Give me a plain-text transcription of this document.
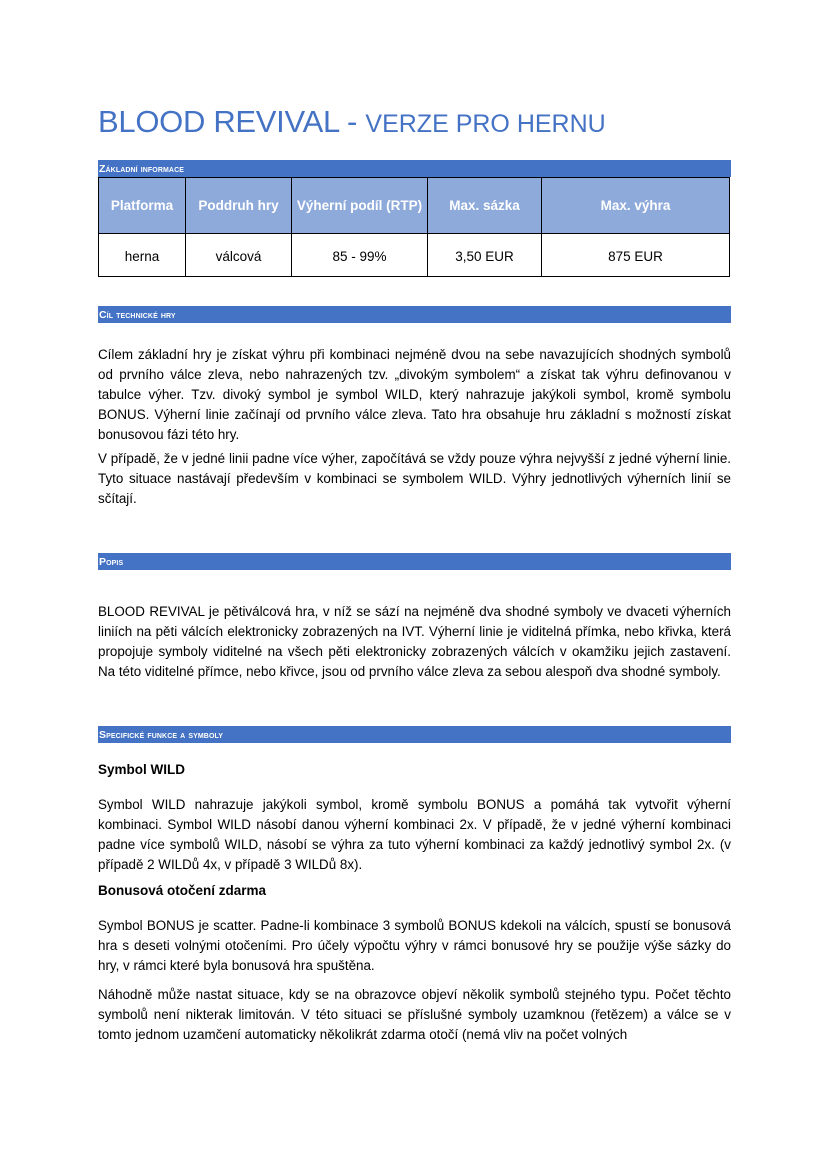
BLOOD REVIVAL - VERZE PRO HERNU
Základní informace
Platforma	Poddruh hry	Výherní podíl (RTP)	Max. sázka	Max. výhra
herna	válcová	85 - 99%	3,50 EUR	875 EUR
Cíl technické hry

Cílem základní hry je získat výhru při kombinaci nejméně dvou na sebe navazujících shodných symbolů od prvního válce zleva, nebo nahrazených tzv. „divokým symbolem“ a získat tak výhru definovanou v tabulce výher. Tzv. divoký symbol je symbol WILD, který nahrazuje jakýkoli symbol, kromě symbolu BONUS. Výherní linie začínají od prvního válce zleva. Tato hra obsahuje hru základní s možností získat bonusovou fázi této hry.

V případě, že v jedné linii padne více výher, započítává se vždy pouze výhra nejvyšší z jedné výherní linie. Tyto situace nastávají především v kombinaci se symbolem WILD. Výhry jednotlivých výherních linií se sčítají.

Popis

BLOOD REVIVAL je pětiválcová hra, v níž se sází na nejméně dva shodné symboly ve dvaceti výherních liniích na pěti válcích elektronicky zobrazených na IVT. Výherní linie je viditelná přímka, nebo křivka, která propojuje symboly viditelné na všech pěti elektronicky zobrazených válcích v okamžiku jejich zastavení. Na této viditelné přímce, nebo křivce, jsou od prvního válce zleva za sebou alespoň dva shodné symboly.

Specifické funkce a symboly
Symbol WILD

Symbol WILD nahrazuje jakýkoli symbol, kromě symbolu BONUS a pomáhá tak vytvořit výherní kombinaci. Symbol WILD násobí danou výherní kombinaci 2x. V případě, že v jedné výherní kombinaci padne více symbolů WILD, násobí se výhra za tuto výherní kombinaci za každý jednotlivý symbol 2x. (v případě 2 WILDů 4x, v případě 3 WILDů 8x).

Bonusová otočení zdarma

Symbol BONUS je scatter. Padne-li kombinace 3 symbolů BONUS kdekoli na válcích, spustí se bonusová hra s deseti volnými otočeními. Pro účely výpočtu výhry v rámci bonusové hry se použije výše sázky do hry, v rámci které byla bonusová hra spuštěna.

Náhodně může nastat situace, kdy se na obrazovce objeví několik symbolů stejného typu. Počet těchto symbolů není nikterak limitován. V této situaci se příslušné symboly uzamknou (řetězem) a válce se v tomto jednom uzamčení automaticky několikrát zdarma otočí (nemá vliv na počet volných
